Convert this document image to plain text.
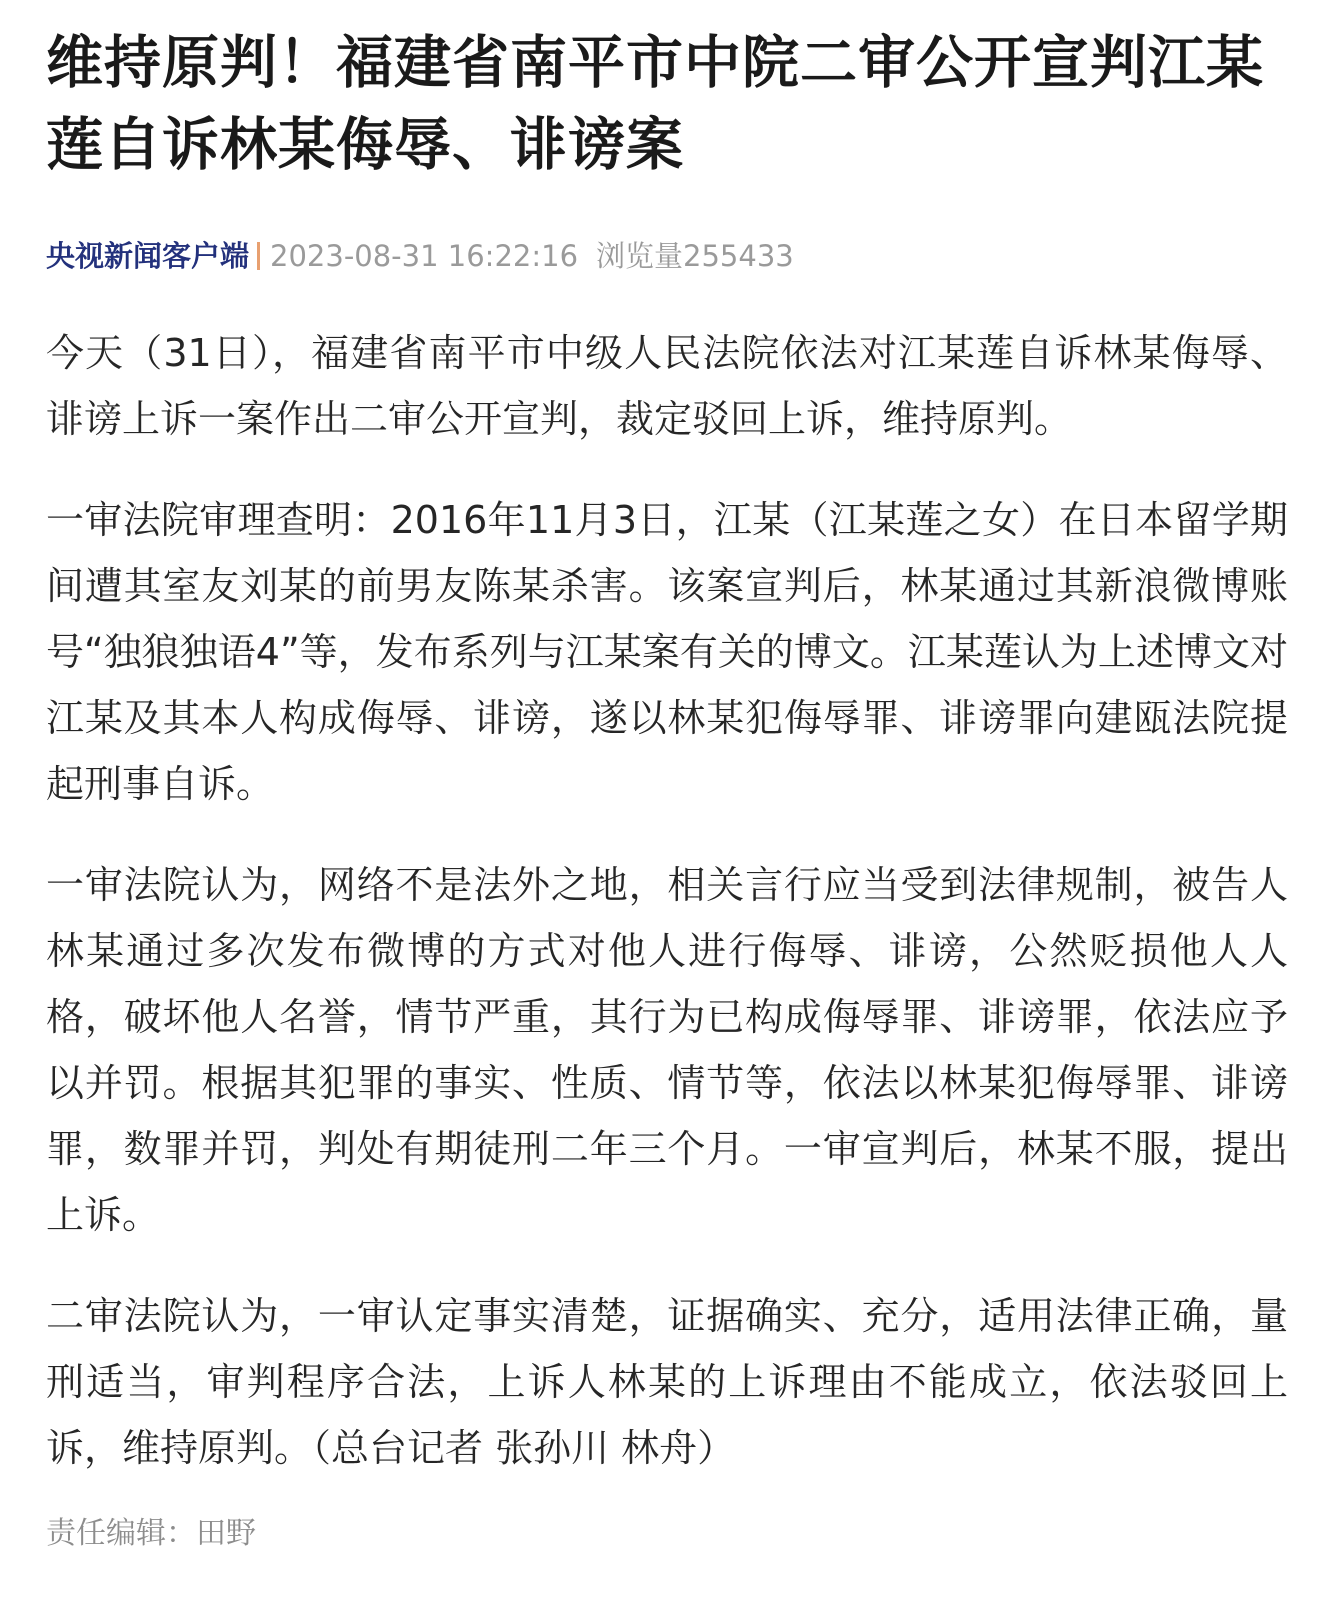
维持原判！福建省南平市中院二审公开宣判江某莲自诉林某侮辱、诽谤案
央视新闻客户端 2023-08-31 16:22:16 浏览量255433

今天（31日），福建省南平市中级人民法院依法对江某莲自诉林某侮辱、诽谤上诉一案作出二审公开宣判，裁定驳回上诉，维持原判。

一审法院审理查明：2016年11月3日，江某（江某莲之女）在日本留学期间遭其室友刘某的前男友陈某杀害。该案宣判后，林某通过其新浪微博账号“独狼独语4”等，发布系列与江某案有关的博文。江某莲认为上述博文对江某及其本人构成侮辱、诽谤，遂以林某犯侮辱罪、诽谤罪向建瓯法院提起刑事自诉。

一审法院认为，网络不是法外之地，相关言行应当受到法律规制，被告人林某通过多次发布微博的方式对他人进行侮辱、诽谤，公然贬损他人人格，破坏他人名誉，情节严重，其行为已构成侮辱罪、诽谤罪，依法应予以并罚。根据其犯罪的事实、性质、情节等，依法以林某犯侮辱罪、诽谤罪，数罪并罚，判处有期徒刑二年三个月。一审宣判后，林某不服，提出上诉。

二审法院认为，一审认定事实清楚，证据确实、充分，适用法律正确，量刑适当，审判程序合法，上诉人林某的上诉理由不能成立，依法驳回上诉，维持原判。（总台记者 张孙川 林舟）

责任编辑：田野
